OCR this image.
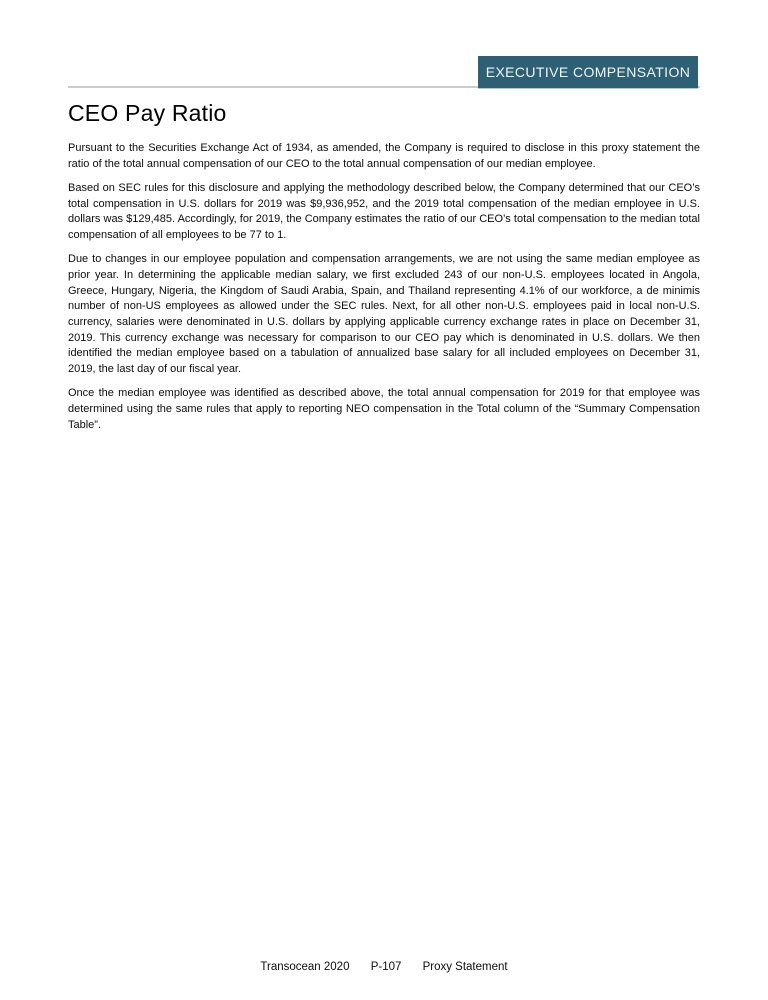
EXECUTIVE COMPENSATION
CEO Pay Ratio

Pursuant to the Securities Exchange Act of 1934, as amended, the Company is required to disclose in this proxy statement the ratio of the total annual compensation of our CEO to the total annual compensation of our median employee.

Based on SEC rules for this disclosure and applying the methodology described below, the Company determined that our CEO’s total compensation in U.S. dollars for 2019 was $9,936,952, and the 2019 total compensation of the median employee in U.S. dollars was $129,485. Accordingly, for 2019, the Company estimates the ratio of our CEO’s total compensation to the median total compensation of all employees to be 77 to 1.

Due to changes in our employee population and compensation arrangements, we are not using the same median employee as prior year. In determining the applicable median salary, we first excluded 243 of our non-U.S. employees located in Angola, Greece, Hungary, Nigeria, the Kingdom of Saudi Arabia, Spain, and Thailand representing 4.1% of our workforce, a de minimis number of non-US employees as allowed under the SEC rules. Next, for all other non-U.S. employees paid in local non-U.S. currency, salaries were denominated in U.S. dollars by applying applicable currency exchange rates in place on December 31, 2019. This currency exchange was necessary for comparison to our CEO pay which is denominated in U.S. dollars. We then identified the median employee based on a tabulation of annualized base salary for all included employees on December 31, 2019, the last day of our fiscal year.

Once the median employee was identified as described above, the total annual compensation for 2019 for that employee was determined using the same rules that apply to reporting NEO compensation in the Total column of the “Summary Compensation Table”.

Transocean 2020 P-107 Proxy Statement
